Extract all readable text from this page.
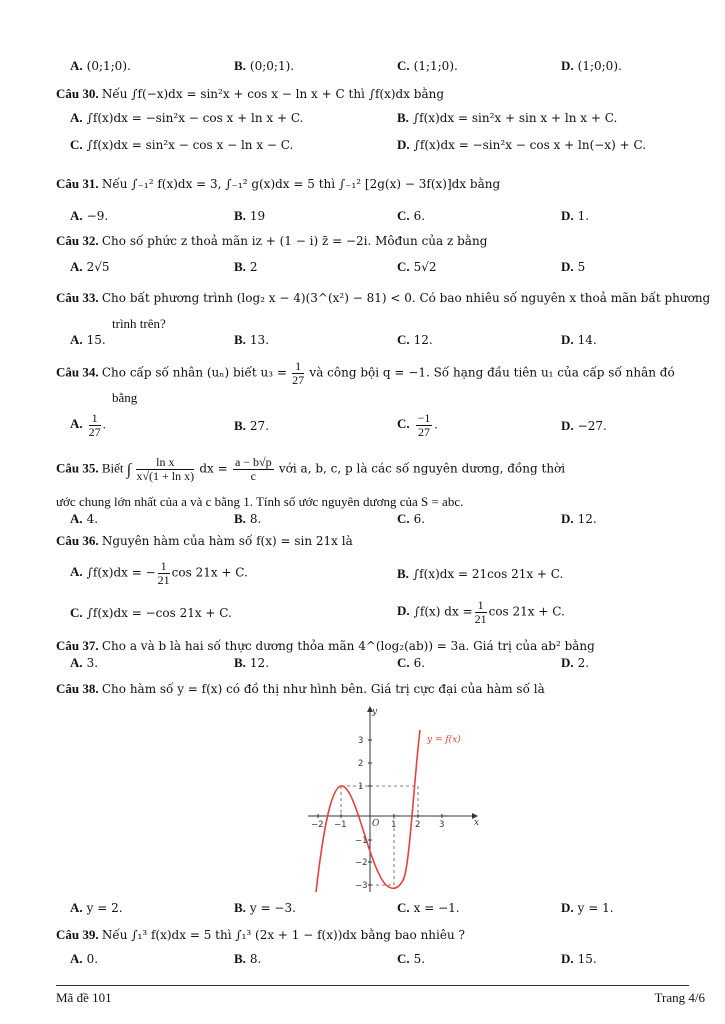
A. (0;1;0).	B. (0;0;1).	C. (1;1;0).	D. (1;0;0).
Câu 30. Nếu ∫f(−x)dx = sin²x + cos x − ln x + C thì ∫f(x)dx bằng
A. ∫f(x)dx = −sin²x − cos x + ln x + C.	B. ∫f(x)dx = sin²x + sin x + ln x + C.
C. ∫f(x)dx = sin²x − cos x − ln x − C.	D. ∫f(x)dx = −sin²x − cos x + ln(−x) + C.
Câu 31. Nếu ∫₋₁² f(x)dx = 3, ∫₋₁² g(x)dx = 5 thì ∫₋₁² [2g(x) − 3f(x)]dx bằng
A. −9.	B. 19	C. 6.	D. 1.
Câu 32. Cho số phức z thoả mãn iz + (1 − i) z̄ = −2i. Môđun của z bằng
A. 2√5	B. 2	C. 5√2	D. 5
Câu 33. Cho bất phương trình (log₂ x − 4)(3^(x²) − 81) < 0. Có bao nhiêu số nguyên x thoả mãn bất phương
trình trên?
A. 15.	B. 13.	C. 12.	D. 14.
Câu 34. Cho cấp số nhân (uₙ) biết $u_3 = \frac{1}{27}$ và công bội q = −1. Số hạng đầu tiên u₁ của cấp số nhân đó
bằng
A. $\frac{1}{27}$ .	B. 27.	C. $\frac{-1}{27}$ .	D. −27.
Câu 35. Biết ∫ $\frac{\text{ln x}}{\text{x√(1 + ln x)}}$ dx = $\frac{a - b√p}{c}$ với a, b, c, p là các số nguyên dương, đồng thời
ước chung lớn nhất của a và c bằng 1. Tính số ước nguyên dương của S = abc.
A. 4.	B. 8.	C. 6.	D. 12.
Câu 36. Nguyên hàm của hàm số f(x) = sin 21x là
A. ∫f(x)dx = − $\frac{1}{21}$ cos 21x + C.	B. ∫f(x)dx = 21cos 21x + C.
C. ∫f(x)dx = −cos 21x + C.	D. ∫f(x) dx = $\frac{1}{21}$ cos 21x + C.
Câu 37. Cho a và b là hai số thực dương thỏa mãn 4^(log₂(ab)) = 3a. Giá trị của ab² bằng
A. 3.	B. 12.	C. 6.	D. 2.
Câu 38. Cho hàm số y = f(x) có đồ thị như hình bên. Giá trị cực đại của hàm số là
y
x
O
y = f(x)
−2 −1	1 2 3
3
2
1
−1
−2
−3
A. y = 2.	B. y = −3.	C. x = −1.	D. y = 1.
Câu 39. Nếu ∫₁³ f(x)dx = 5 thì ∫₁³ (2x + 1 − f(x))dx bằng bao nhiêu ?
A. 0.	B. 8.	C. 5.	D. 15.
Mã đề 101	Trang 4/6
